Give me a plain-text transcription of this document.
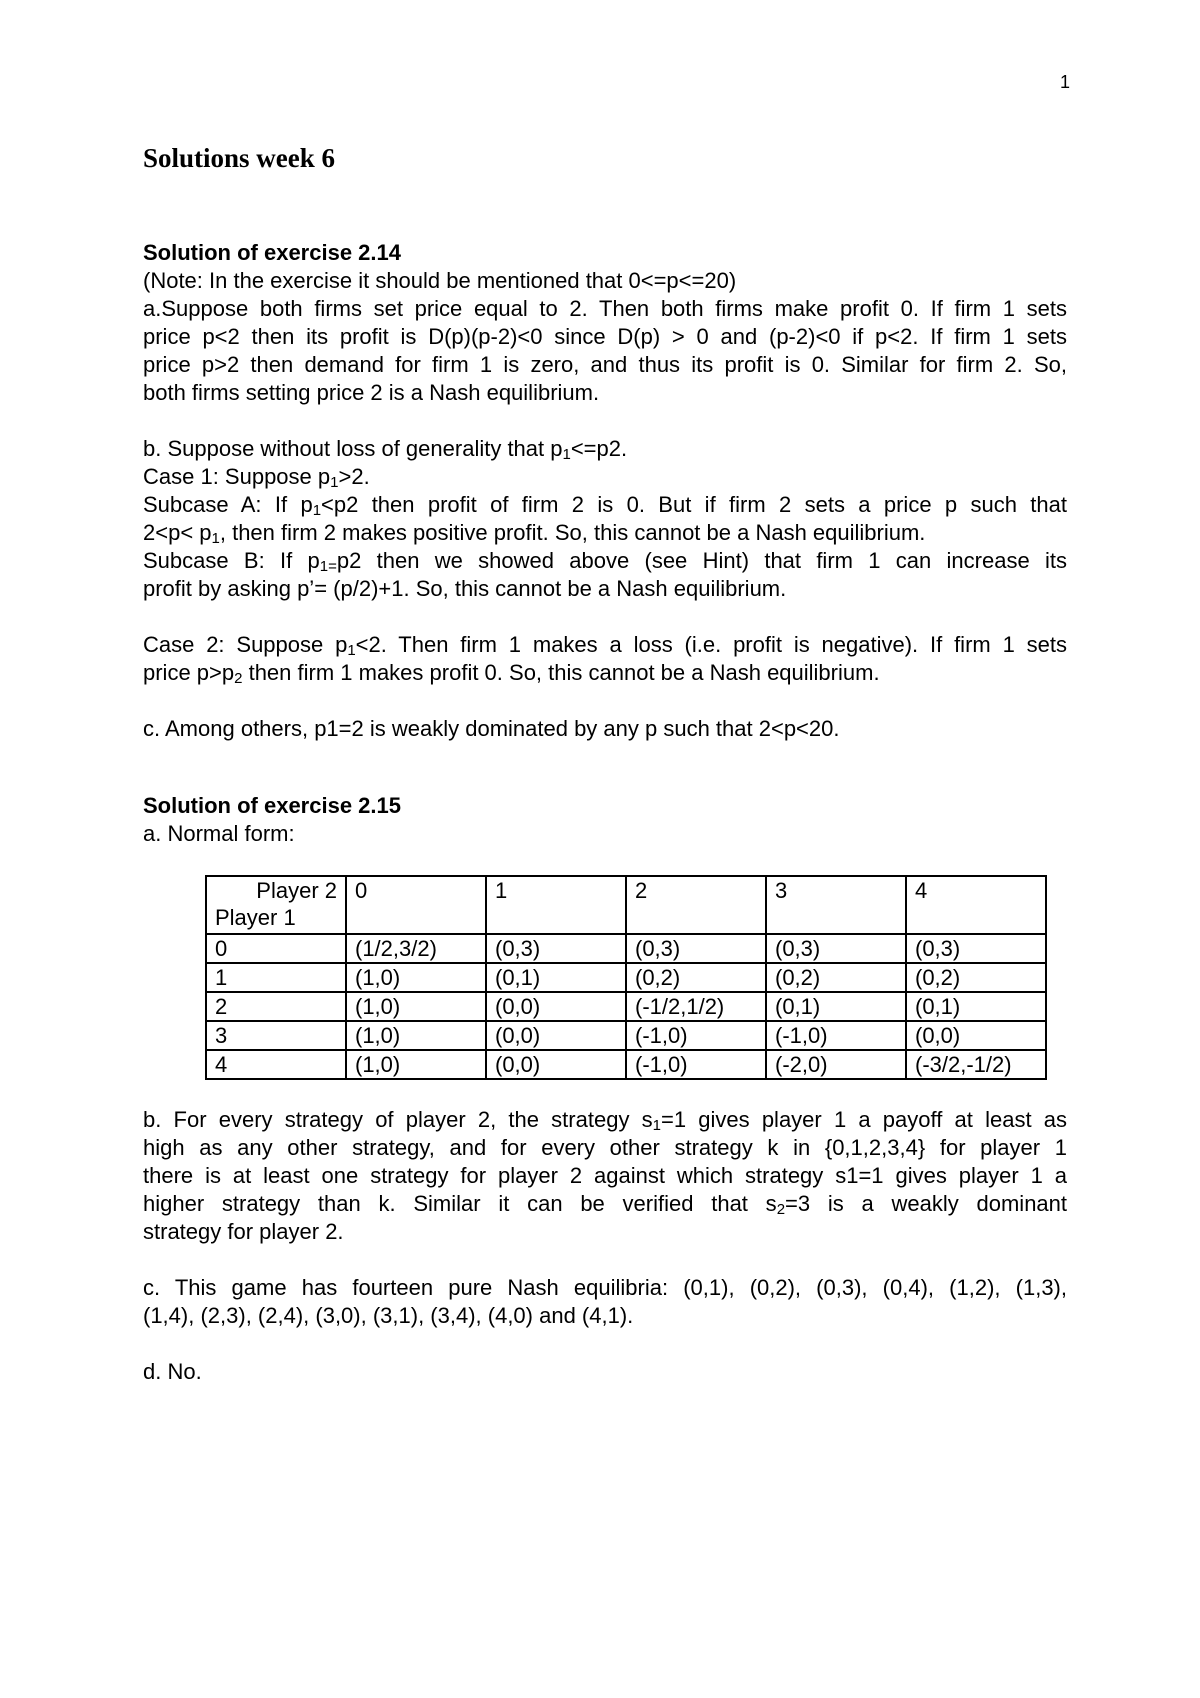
1
Solutions week 6
Solution of exercise 2.14
(Note: In the exercise it should be mentioned that 0<=p<=20)
a.Suppose both firms set price equal to 2. Then both firms make profit 0. If firm 1 sets
price p<2 then its profit is D(p)(p-2)<0 since D(p) > 0 and (p-2)<0 if p<2. If firm 1 sets
price p>2 then demand for firm 1 is zero, and thus its profit is 0. Similar for firm 2. So,
both firms setting price 2 is a Nash equilibrium.
b. Suppose without loss of generality that $p_1<=p2$.
Case 1: Suppose $p_1>2$.
Subcase A: If $p_1<p2$ then profit of firm 2 is 0. But if firm 2 sets a price p such that
$2<p< p_1$, then firm 2 makes positive profit. So, this cannot be a Nash equilibrium.
Subcase B: If $p_{1=}p2$ then we showed above (see Hint) that firm 1 can increase its
profit by asking p’= (p/2)+1. So, this cannot be a Nash equilibrium.
Case 2: Suppose $p_1<2$. Then firm 1 makes a loss (i.e. profit is negative). If firm 1 sets
price $p>p_2$ then firm 1 makes profit 0. So, this cannot be a Nash equilibrium.
c. Among others, p1=2 is weakly dominated by any p such that 2<p<20.
Solution of exercise 2.15
a. Normal form:
Player 2
Player 1	0	1	2	3	4
0	(1/2,3/2)	(0,3)	(0,3)	(0,3)	(0,3)
1	(1,0)	(0,1)	(0,2)	(0,2)	(0,2)
2	(1,0)	(0,0)	(-1/2,1/2)	(0,1)	(0,1)
3	(1,0)	(0,0)	(-1,0)	(-1,0)	(0,0)
4	(1,0)	(0,0)	(-1,0)	(-2,0)	(-3/2,-1/2)
b. For every strategy of player 2, the strategy $s_1=1$ gives player 1 a payoff at least as
high as any other strategy, and for every other strategy k in {0,1,2,3,4} for player 1
there is at least one strategy for player 2 against which strategy s1=1 gives player 1 a
higher strategy than k. Similar it can be verified that $s_2=3$ is a weakly dominant
strategy for player 2.
c. This game has fourteen pure Nash equilibria: (0,1), (0,2), (0,3), (0,4), (1,2), (1,3),
(1,4), (2,3), (2,4), (3,0), (3,1), (3,4), (4,0) and (4,1).
d. No.
